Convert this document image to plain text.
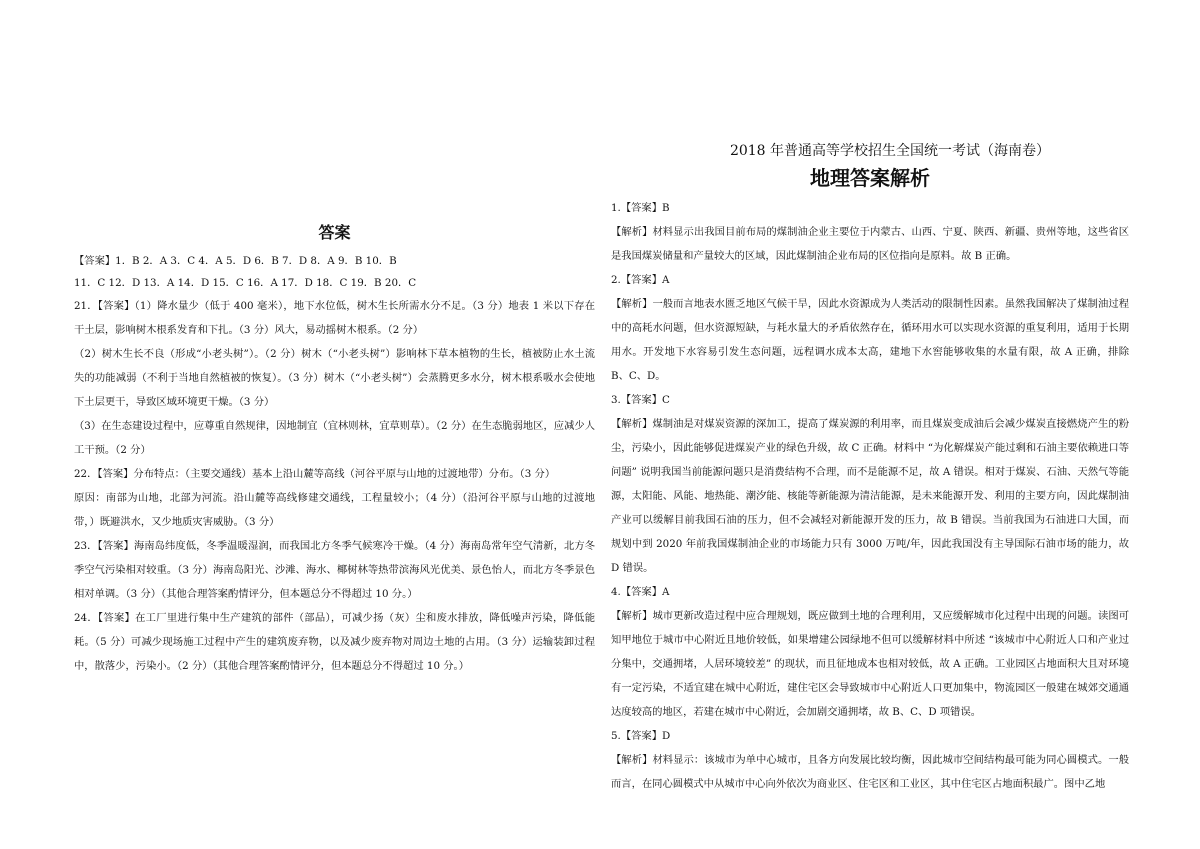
答案

【答案】1．B 2．A 3．C 4．A 5．D 6．B 7．D 8．A 9．B 10．B

11．C 12．D 13．A 14．D 15．C 16．A 17．D 18．C 19．B 20．C

21．【答案】（1）降水量少（低于 400 毫米），地下水位低，树木生长所需水分不足。（3 分）地表 1 米以下存在干土层，影响树木根系发育和下扎。（3 分）风大，易动摇树木根系。（2 分）

（2）树木生长不良（形成“小老头树”）。（2 分）树木（“小老头树”）影响林下草本植物的生长，植被防止水土流失的功能减弱（不利于当地自然植被的恢复）。（3 分）树木（“小老头树”）会蒸腾更多水分，树木根系吸水会使地下土层更干，导致区域环境更干燥。（3 分）

（3）在生态建设过程中，应尊重自然规律，因地制宜（宜林则林，宜草则草）。（2 分）在生态脆弱地区，应减少人工干预。（2 分）

22．【答案】分布特点：（主要交通线）基本上沿山麓等高线（河谷平原与山地的过渡地带）分布。（3 分）

原因：南部为山地，北部为河流。沿山麓等高线修建交通线，工程量较小；（4 分）（沿河谷平原与山地的过渡地带，）既避洪水，又少地质灾害威胁。（3 分）

23．【答案】海南岛纬度低，冬季温暖湿润，而我国北方冬季气候寒冷干燥。（4 分）海南岛常年空气清新，北方冬季空气污染相对较重。（3 分）海南岛阳光、沙滩、海水、椰树林等热带滨海风光优美、景色怡人，而北方冬季景色相对单调。（3 分）（其他合理答案酌情评分，但本题总分不得超过 10 分。）

24．【答案】在工厂里进行集中生产建筑的部件（部品），可减少扬（灰）尘和废水排放，降低噪声污染，降低能耗。（5 分）可减少现场施工过程中产生的建筑废弃物，以及减少废弃物对周边土地的占用。（3 分）运输装卸过程中，散落少，污染小。（2 分）（其他合理答案酌情评分，但本题总分不得超过 10 分。）

2018 年普通高等学校招生全国统一考试（海南卷）
地理答案解析

1.【答案】B

【解析】材料显示出我国目前布局的煤制油企业主要位于内蒙古、山西、宁夏、陕西、新疆、贵州等地，这些省区是我国煤炭储量和产量较大的区域，因此煤制油企业布局的区位指向是原料。故 B 正确。

2.【答案】A

【解析】一般而言地表水匮乏地区气候干旱，因此水资源成为人类活动的限制性因素。虽然我国解决了煤制油过程中的高耗水问题，但水资源短缺，与耗水量大的矛盾依然存在，循环用水可以实现水资源的重复利用，适用于长期用水。开发地下水容易引发生态问题，远程调水成本太高，建地下水窖能够收集的水量有限，故 A 正确，排除 B、C、D。

3.【答案】C

【解析】煤制油是对煤炭资源的深加工，提高了煤炭源的利用率，而且煤炭变成油后会减少煤炭直接燃烧产生的粉尘，污染小，因此能够促进煤炭产业的绿色升级，故 C 正确。材料中 “为化解煤炭产能过剩和石油主要依赖进口等问题” 说明我国当前能源问题只是消费结构不合理，而不是能源不足，故 A 错误。相对于煤炭、石油、天然气等能源，太阳能、风能、地热能、潮汐能、核能等新能源为清洁能源，是未来能源开发、利用的主要方向，因此煤制油产业可以缓解目前我国石油的压力，但不会减轻对新能源开发的压力，故 B 错误。当前我国为石油进口大国，而规划中到 2020 年前我国煤制油企业的市场能力只有 3000 万吨/年，因此我国没有主导国际石油市场的能力，故 D 错误。

4.【答案】A

【解析】城市更新改造过程中应合理规划，既应做到土地的合理利用，又应缓解城市化过程中出现的问题。读图可知甲地位于城市中心附近且地价较低，如果增建公园绿地不但可以缓解材料中所述 “该城市中心附近人口和产业过分集中，交通拥堵，人居环境较差” 的现状，而且征地成本也相对较低，故 A 正确。工业园区占地面积大且对环境有一定污染，不适宜建在城中心附近，建住宅区会导致城市中心附近人口更加集中，物流园区一般建在城郊交通通达度较高的地区，若建在城市中心附近，会加剧交通拥堵，故 B、C、D 项错误。

5.【答案】D

【解析】材料显示：该城市为单中心城市，且各方向发展比较均衡，因此城市空间结构最可能为同心圆模式。一般而言，在同心圆模式中从城市中心向外依次为商业区、住宅区和工业区，其中住宅区占地面积最广。图中乙地
